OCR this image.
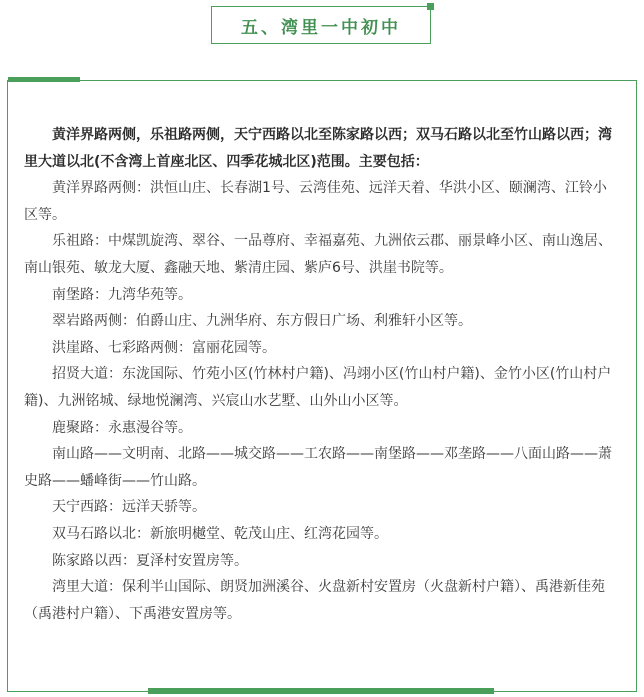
五、湾里一中初中

黄洋界路两侧，乐祖路两侧，天宁西路以北至陈家路以西；双马石路以北至竹山路以西；湾里大道以北(不含湾上首座北区、四季花城北区)范围。主要包括：

黄洋界路两侧：洪恒山庄、长春湖1号、云湾佳苑、远洋天着、华洪小区、颐澜湾、江铃小区等。

乐祖路：中煤凯旋湾、翠谷、一品尊府、幸福嘉苑、九洲依云郡、丽景峰小区、南山逸居、南山银苑、敏龙大厦、鑫融天地、紫清庄园、紫庐6号、洪崖书院等。

南堡路：九湾华苑等。

翠岩路两侧：伯爵山庄、九洲华府、东方假日广场、利雅轩小区等。

洪崖路、七彩路两侧：富丽花园等。

招贤大道：东泷国际、竹苑小区(竹林村户籍)、冯翊小区(竹山村户籍)、金竹小区(竹山村户籍)、九洲铭城、绿地悦澜湾、兴宸山水艺墅、山外山小区等。

鹿聚路：永惠漫谷等。

南山路——文明南、北路——城交路——工农路——南堡路——邓垄路——八面山路——萧史路——蟠峰街——竹山路。

天宁西路：远洋天骄等。

双马石路以北：新旅明樾堂、乾茂山庄、红湾花园等。

陈家路以西：夏泽村安置房等。

湾里大道：保利半山国际、朗贤加洲溪谷、火盘新村安置房（火盘新村户籍）、禹港新佳苑（禹港村户籍）、下禹港安置房等。
